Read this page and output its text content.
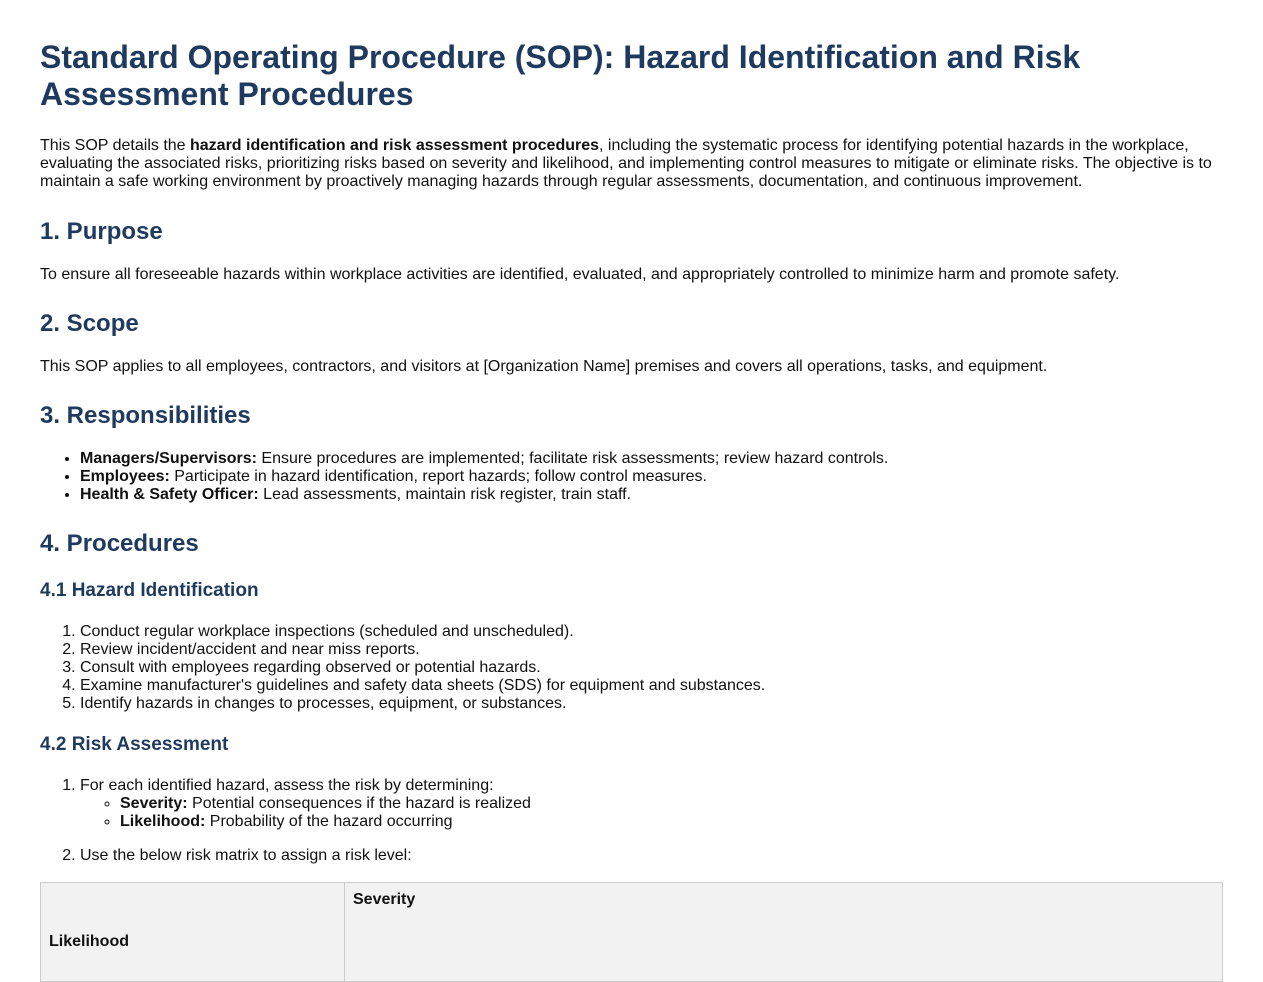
Standard Operating Procedure (SOP): Hazard Identification and Risk Assessment Procedures

This SOP details the hazard identification and risk assessment procedures, including the systematic process for identifying potential hazards in the workplace, evaluating the associated risks, prioritizing risks based on severity and likelihood, and implementing control measures to mitigate or eliminate risks. The objective is to maintain a safe working environment by proactively managing hazards through regular assessments, documentation, and continuous improvement.

1. Purpose

To ensure all foreseeable hazards within workplace activities are identified, evaluated, and appropriately controlled to minimize harm and promote safety.

2. Scope

This SOP applies to all employees, contractors, and visitors at [Organization Name] premises and covers all operations, tasks, and equipment.

3. Responsibilities
• Managers/Supervisors: Ensure procedures are implemented; facilitate risk assessments; review hazard controls.
• Employees: Participate in hazard identification, report hazards; follow control measures.
• Health & Safety Officer: Lead assessments, maintain risk register, train staff.
4. Procedures
4.1 Hazard Identification
1. Conduct regular workplace inspections (scheduled and unscheduled).
2. Review incident/accident and near miss reports.
3. Consult with employees regarding observed or potential hazards.
4. Examine manufacturer's guidelines and safety data sheets (SDS) for equipment and substances.
5. Identify hazards in changes to processes, equipment, or substances.
4.2 Risk Assessment
1. For each identified hazard, assess the risk by determining:
◦ Severity: Potential consequences if the hazard is realized
◦ Likelihood: Probability of the hazard occurring
2. Use the below risk matrix to assign a risk level:
Likelihood	Severity
